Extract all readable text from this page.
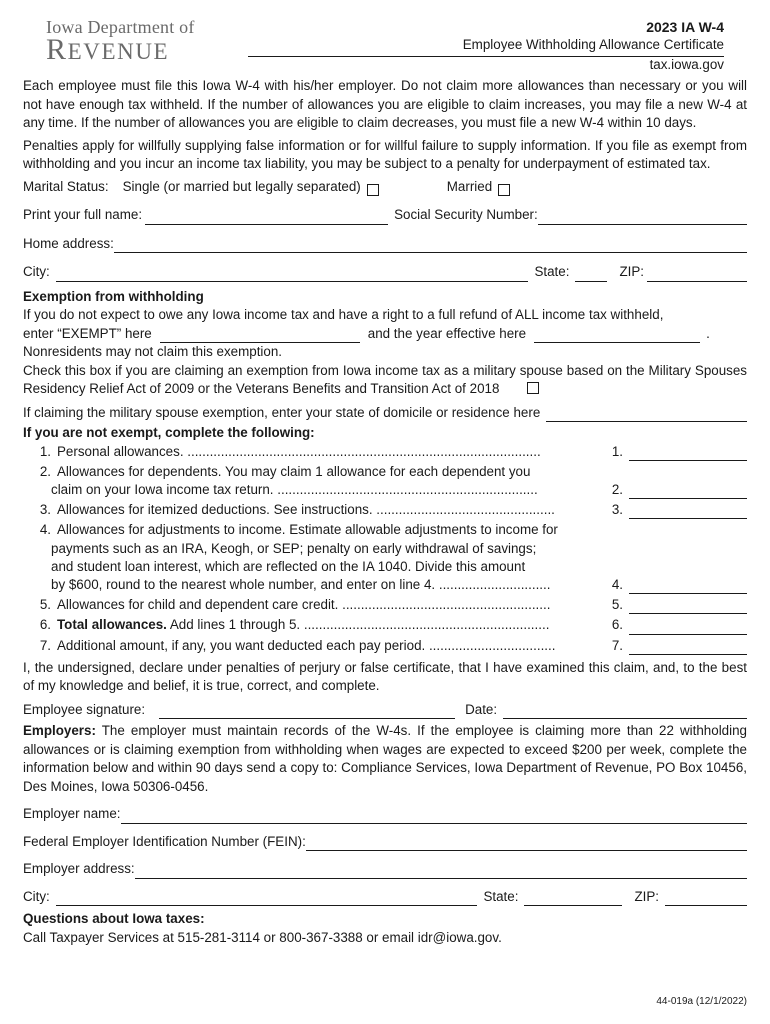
Iowa Department of
REVENUE
2023 IA W-4
Employee Withholding Allowance Certificate
tax.iowa.gov

Each employee must file this Iowa W-4 with his/her employer. Do not claim more allowances than necessary or you will not have enough tax withheld. If the number of allowances you are eligible to claim increases, you may file a new W-4 at any time. If the number of allowances you are eligible to claim decreases, you must file a new W-4 within 10 days.

Penalties apply for willfully supplying false information or for willful failure to supply information. If you file as exempt from withholding and you incur an income tax liability, you may be subject to a penalty for underpayment of estimated tax.

Marital Status: Single (or married but legally separated)	Married
Print your full name:	Social Security Number:
Home address:
City:	State:	ZIP:

Exemption from withholding

If you do not expect to owe any Iowa income tax and have a right to a full refund of ALL income tax withheld,

enter “EXEMPT” here	and the year effective here	.

Nonresidents may not claim this exemption.

Check this box if you are claiming an exemption from Iowa income tax as a military spouse based on the Military Spouses Residency Relief Act of 2009 or the Veterans Benefits and Transition Act of 2018

If claiming the military spouse exemption, enter your state of domicile or residence here

If you are not exempt, complete the following:

1. Personal allowances. ...............................................................................................	1.
2. Allowances for dependents. You may claim 1 allowance for each dependent you
claim on your Iowa income tax return. ......................................................................	2.
3. Allowances for itemized deductions. See instructions. ................................................	3.
4. Allowances for adjustments to income. Estimate allowable adjustments to income for
payments such as an IRA, Keogh, or SEP; penalty on early withdrawal of savings;
and student loan interest, which are reflected on the IA 1040. Divide this amount
by $600, round to the nearest whole number, and enter on line 4. ..............................	4.
5. Allowances for child and dependent care credit. ........................................................	5.
6. Total allowances. Add lines 1 through 5. ..................................................................	6.
7. Additional amount, if any, you want deducted each pay period. ..................................	7.

I, the undersigned, declare under penalties of perjury or false certificate, that I have examined this claim, and, to the best of my knowledge and belief, it is true, correct, and complete.

Employee signature:	Date:

Employers: The employer must maintain records of the W-4s. If the employee is claiming more than 22 withholding allowances or is claiming exemption from withholding when wages are expected to exceed $200 per week, complete the information below and within 90 days send a copy to: Compliance Services, Iowa Department of Revenue, PO Box 10456, Des Moines, Iowa 50306-0456.

Employer name:
Federal Employer Identification Number (FEIN):
Employer address:
City:	State:	ZIP:

Questions about Iowa taxes:

Call Taxpayer Services at 515-281-3114 or 800-367-3388 or email idr@iowa.gov.

44-019a (12/1/2022)
